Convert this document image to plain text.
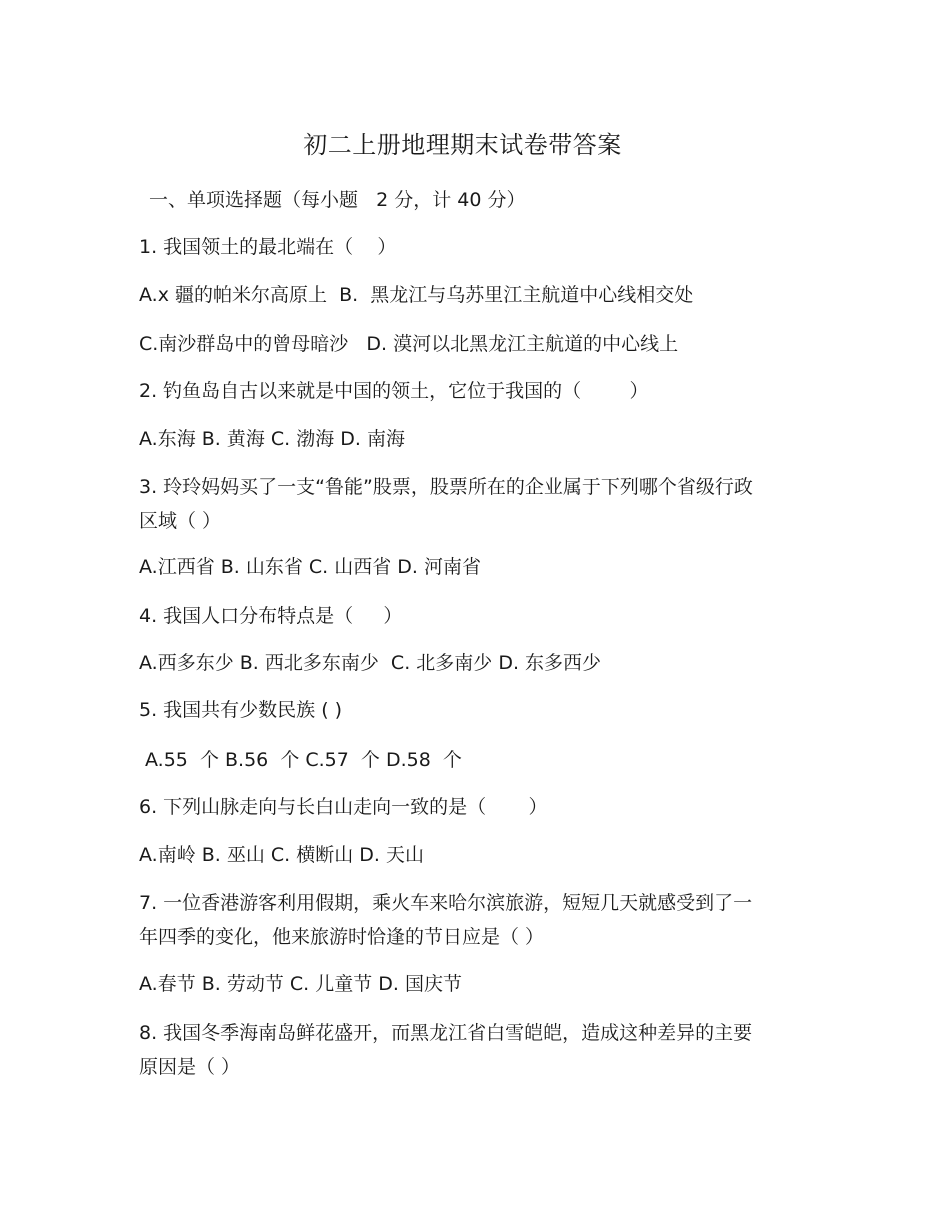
初二上册地理期末试卷带答案
一、单项选择题（每小题   2 分，计 40 分）
1. 我国领土的最北端在（    ）
A.x 疆的帕米尔高原上  B.  黑龙江与乌苏里江主航道中心线相交处
C.南沙群岛中的曾母暗沙   D. 漠河以北黑龙江主航道的中心线上
2. 钓鱼岛自古以来就是中国的领土，它位于我国的（        ）
A.东海 B. 黄海 C. 渤海 D. 南海
3. 玲玲妈妈买了一支“鲁能”股票，股票所在的企业属于下列哪个省级行政区域（ ）
A.江西省 B. 山东省 C. 山西省 D. 河南省
4. 我国人口分布特点是（     ）
A.西多东少 B. 西北多东南少  C. 北多南少 D. 东多西少
5. 我国共有少数民族 ( )
A.55  个 B.56  个 C.57  个 D.58  个
6. 下列山脉走向与长白山走向一致的是（       ）
A.南岭 B. 巫山 C. 横断山 D. 天山
7. 一位香港游客利用假期，乘火车来哈尔滨旅游，短短几天就感受到了一年四季的变化，他来旅游时恰逢的节日应是（ ）
A.春节 B. 劳动节 C. 儿童节 D. 国庆节
8. 我国冬季海南岛鲜花盛开，而黑龙江省白雪皑皑，造成这种差异的主要原因是（ ）
